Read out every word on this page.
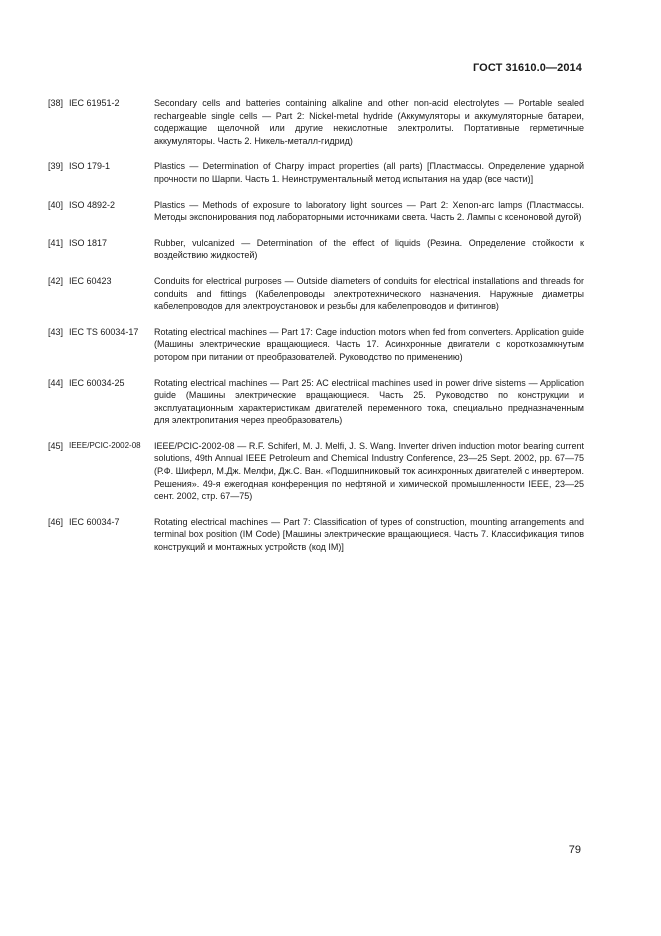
ГОСТ 31610.0—2014
[38] IEC 61951-2	Secondary cells and batteries containing alkaline and other non-acid electrolytes — Portable sealed rechargeable single cells — Part 2: Nickel-metal hydride (Аккумуляторы и аккумуляторные батареи, содержащие щелочной или другие некислотные электролиты. Портативные герметичные аккумуляторы. Часть 2. Никель-металл-гидрид)
[39] ISO 179-1	Plastics — Determination of Charpy impact properties (all parts) [Пластмассы. Определение ударной прочности по Шарпи. Часть 1. Неинструментальный метод испытания на удар (все части)]
[40] ISO 4892-2	Plastics — Methods of exposure to laboratory light sources — Part 2: Xenon-arc lamps (Пластмассы. Методы экспонирования под лабораторными источниками света. Часть 2. Лампы с ксеноновой дугой)
[41] ISO 1817	Rubber, vulcanized — Determination of the effect of liquids (Резина. Определение стойкости к воздействию жидкостей)
[42] IEC 60423	Conduits for electrical purposes — Outside diameters of conduits for electrical installations and threads for conduits and fittings (Кабелепроводы электротехнического назначения. Наружные диаметры кабелепроводов для электроустановок и резьбы для кабелепроводов и фитингов)
[43] IEC TS 60034-17	Rotating electrical machines — Part 17: Cage induction motors when fed from converters. Application guide (Машины электрические вращающиеся. Часть 17. Асинхронные двигатели с короткозамкнутым ротором при питании от преобразователей. Руководство по применению)
[44] IEC 60034-25	Rotating electrical machines — Part 25: AC electriical machines used in power drive sistems — Application guide (Машины электрические вращающиеся. Часть 25. Руководство по конструкции и эксплуатационным характеристикам двигателей переменного тока, специально предназначенным для электропитания через преобразователь)
[45] IEEE/PCIC-2002-08	IEEE/PCIC-2002-08 — R.F. Schiferl, M. J. Melfi, J. S. Wang. Inverter driven induction motor bearing current solutions, 49th Annual IEEE Petroleum and Chemical Industry Conference, 23—25 Sept. 2002, pp. 67—75 (Р.Ф. Шиферл, М.Дж. Мелфи, Дж.С. Ван. «Подшипниковый ток асинхронных двигателей с инвертером. Решения». 49-я ежегодная конференция по нефтяной и химической промышленности IEEE, 23—25 сент. 2002, стр. 67—75)
[46] IEC 60034-7	Rotating electrical machines — Part 7: Classification of types of construction, mounting arrangements and terminal box position (IM Code) [Машины электрические вращающиеся. Часть 7. Классификация типов конструкций и монтажных устройств (код IM)]
79
